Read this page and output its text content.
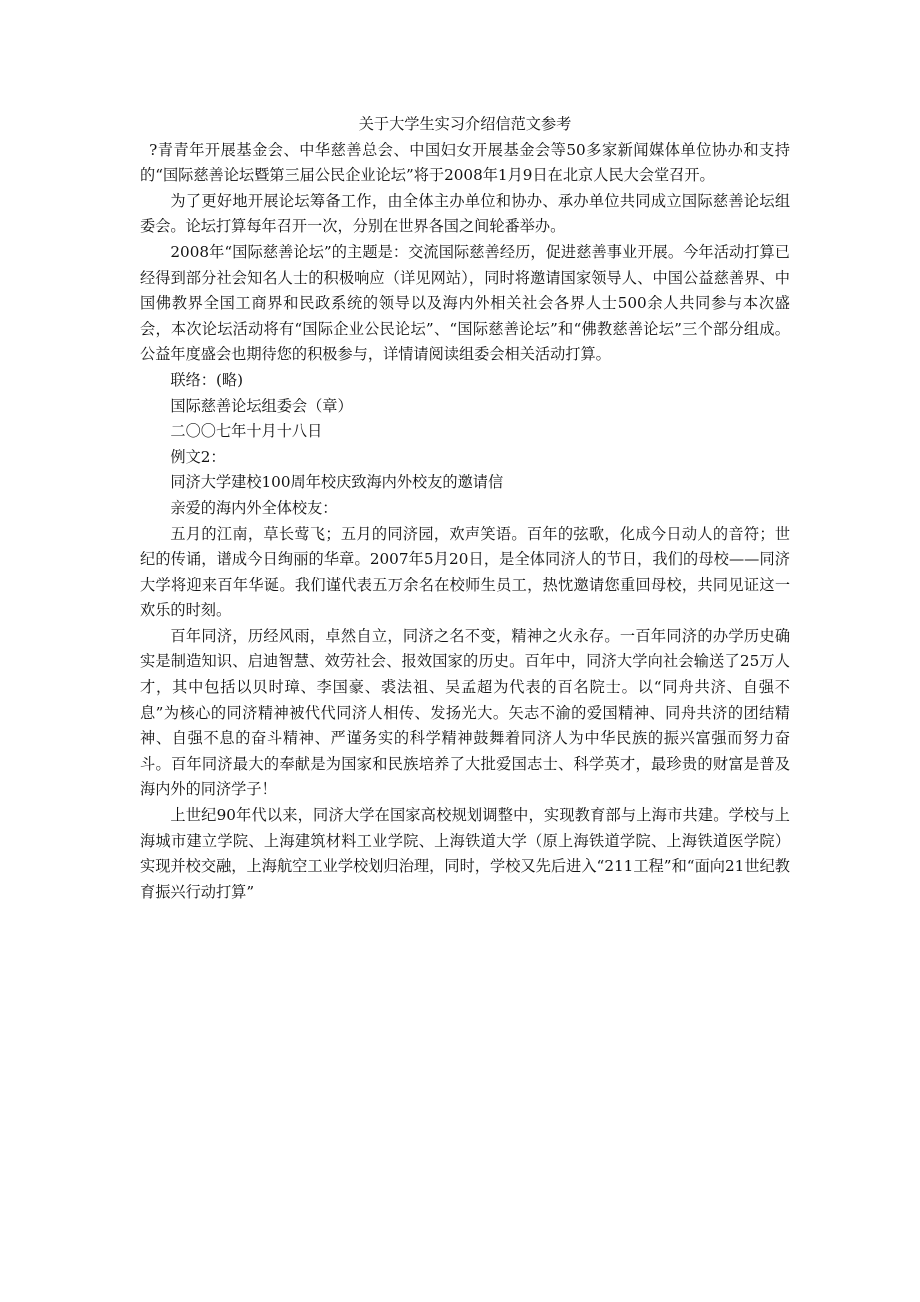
关于大学生实习介绍信范文参考

?青青年开展基金会、中华慈善总会、中国妇女开展基金会等50多家新闻媒体单位协办和支持的“国际慈善论坛暨第三届公民企业论坛”将于2008年1月9日在北京人民大会堂召开。

为了更好地开展论坛筹备工作，由全体主办单位和协办、承办单位共同成立国际慈善论坛组委会。论坛打算每年召开一次，分别在世界各国之间轮番举办。

2008年“国际慈善论坛”的主题是：交流国际慈善经历，促进慈善事业开展。今年活动打算已经得到部分社会知名人士的积极响应（详见网站），同时将邀请国家领导人、中国公益慈善界、中国佛教界全国工商界和民政系统的领导以及海内外相关社会各界人士500余人共同参与本次盛会，本次论坛活动将有“国际企业公民论坛”、“国际慈善论坛”和“佛教慈善论坛”三个部分组成。公益年度盛会也期待您的积极参与，详情请阅读组委会相关活动打算。

联络：(略)

国际慈善论坛组委会（章）

二〇〇七年十月十八日

例文2：

同济大学建校100周年校庆致海内外校友的邀请信

亲爱的海内外全体校友：

五月的江南，草长莺飞；五月的同济园，欢声笑语。百年的弦歌，化成今日动人的音符；世纪的传诵，谱成今日绚丽的华章。2007年5月20日，是全体同济人的节日，我们的母校——同济大学将迎来百年华诞。我们谨代表五万余名在校师生员工，热忱邀请您重回母校，共同见证这一欢乐的时刻。

百年同济，历经风雨，卓然自立，同济之名不变，精神之火永存。一百年同济的办学历史确实是制造知识、启迪智慧、效劳社会、报效国家的历史。百年中，同济大学向社会输送了25万人才，其中包括以贝时璋、李国豪、裘法祖、吴孟超为代表的百名院士。以“同舟共济、自强不息”为核心的同济精神被代代同济人相传、发扬光大。矢志不渝的爱国精神、同舟共济的团结精神、自强不息的奋斗精神、严谨务实的科学精神鼓舞着同济人为中华民族的振兴富强而努力奋斗。百年同济最大的奉献是为国家和民族培养了大批爱国志士、科学英才，最珍贵的财富是普及海内外的同济学子！

上世纪90年代以来，同济大学在国家高校规划调整中，实现教育部与上海市共建。学校与上海城市建立学院、上海建筑材料工业学院、上海铁道大学（原上海铁道学院、上海铁道医学院）实现并校交融，上海航空工业学校划归治理，同时，学校又先后进入“211工程”和“面向21世纪教育振兴行动打算”
